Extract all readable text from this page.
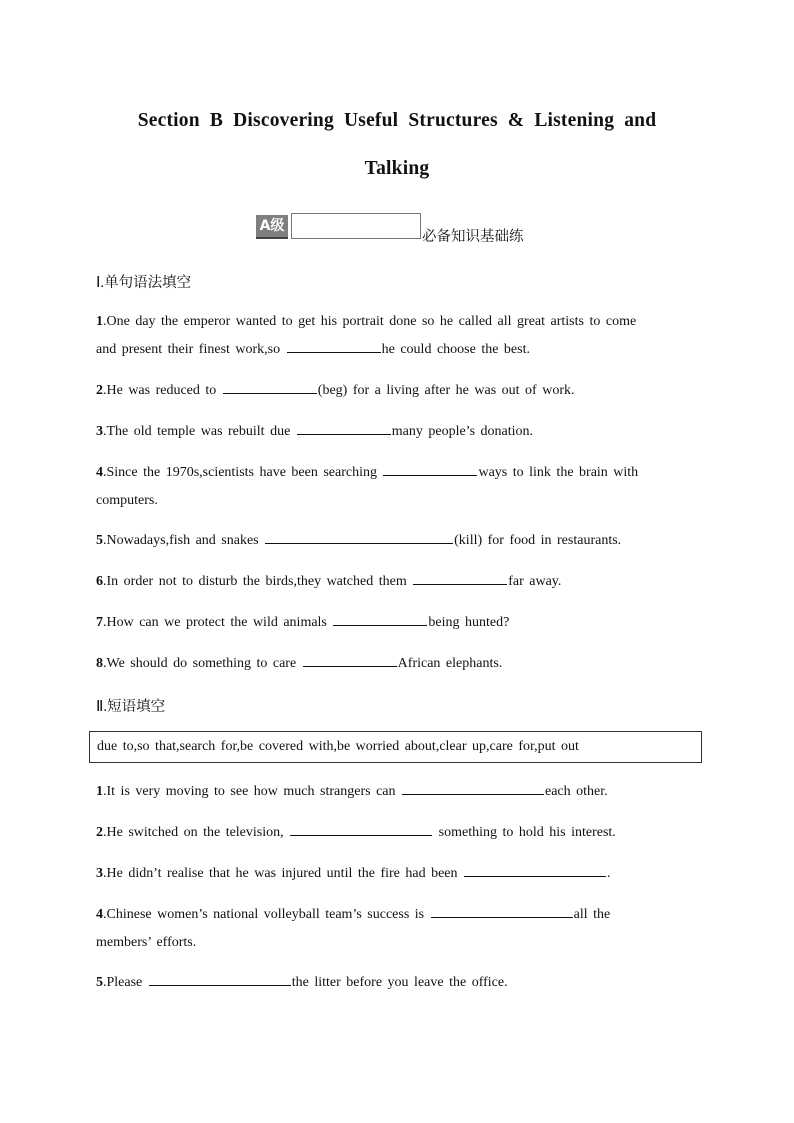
Section B Discovering Useful Structures & Listening and
Talking
A级
必备知识基础练
Ⅰ.单句语法填空
1.One day the emperor wanted to get his portrait done so he called all great artists to come
and present their finest work,so	he could choose the best.
2.He was reduced to	(beg) for a living after he was out of work.
3.The old temple was rebuilt due	many people’s donation.
4.Since the 1970s,scientists have been searching	ways to link the brain with
computers.
5.Nowadays,fish and snakes	(kill) for food in restaurants.
6.In order not to disturb the birds,they watched them	far away.
7.How can we protect the wild animals	being hunted?
8.We should do something to care	African elephants.
Ⅱ.短语填空
due to,so that,search for,be covered with,be worried about,clear up,care for,put out
1.It is very moving to see how much strangers can	each other.
2.He switched on the television,	something to hold his interest.
3.He didn’t realise that he was injured until the fire had been	.
4.Chinese women’s national volleyball team’s success is	all the
members’ efforts.
5.Please	the litter before you leave the office.
